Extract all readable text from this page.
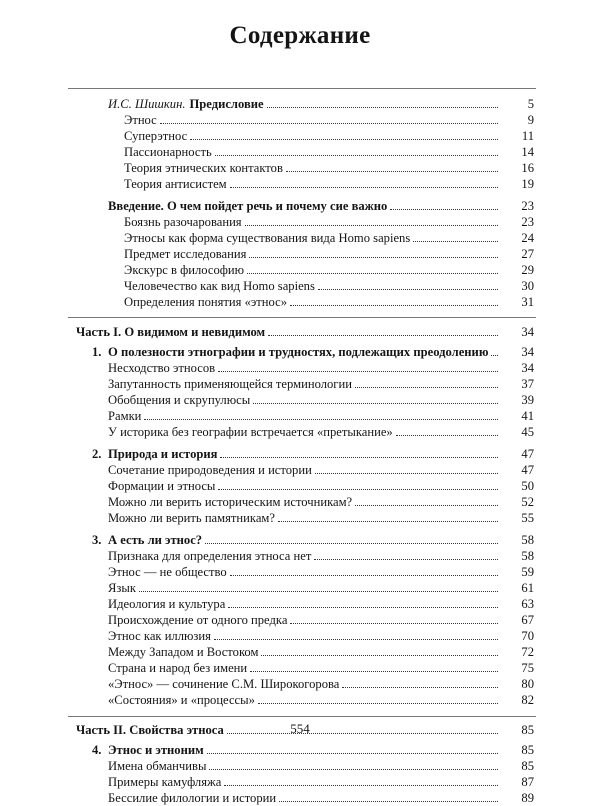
Содержание
И.С. Шишкин. Предисловие	5
Этнос	9
Суперэтнос	11
Пассионарность	14
Теория этнических контактов	16
Теория антисистем	19
Введение. О чем пойдет речь и почему сие важно	23
Боязнь разочарования	23
Этносы как форма существования вида Homo sapiens	24
Предмет исследования	27
Экскурс в философию	29
Человечество как вид Homo sapiens	30
Определения понятия «этнос»	31
Часть I. О видимом и невидимом	34
1. О полезности этнографии и трудностях, подлежащих преодолению	34
Несходство этносов	34
Запутанность применяющейся терминологии	37
Обобщения и скрупулюсы	39
Рамки	41
У историка без географии встречается «претыкание»	45
2. Природа и история	47
Сочетание природоведения и истории	47
Формации и этносы	50
Можно ли верить историческим источникам?	52
Можно ли верить памятникам?	55
3. А есть ли этнос?	58
Признака для определения этноса нет	58
Этнос — не общество	59
Язык	61
Идеология и культура	63
Происхождение от одного предка	67
Этнос как иллюзия	70
Между Западом и Востоком	72
Страна и народ без имени	75
«Этнос» — сочинение С.М. Широкогорова	80
«Состояния» и «процессы»	82
Часть II. Свойства этноса	85
4. Этнос и этноним	85
Имена обманчивы	85
Примеры камуфляжа	87
Бессилие филологии и истории	89
554
